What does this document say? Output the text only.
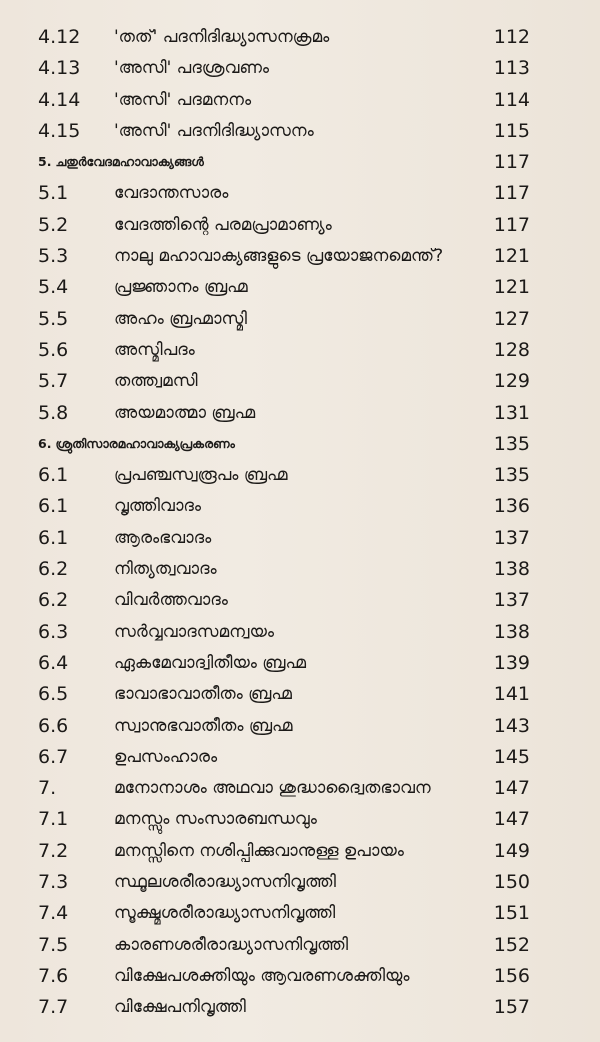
4.12 'തത്' പദനിദിദ്ധ്യാസനക്രമം	112
4.13 'അസി' പദശ്രവണം	113
4.14 'അസി' പദമനനം	114
4.15 'അസി' പദനിദിദ്ധ്യാസനം	115
5. ചതുർവേദമഹാവാക്യങ്ങൾ	117
5.1	വേദാന്തസാരം	117
5.2	വേദത്തിന്റെ പരമപ്രാമാണ്യം	117
5.3	നാലു മഹാവാക്യങ്ങളുടെ പ്രയോജനമെന്ത്?	121
5.4	പ്രജ്ഞാനം ബ്രഹ്മ	121
5.5	അഹം ബ്രഹ്മാസ്മി	127
5.6	അസ്മിപദം	128
5.7	തത്ത്വമസി	129
5.8	അയമാത്മാ ബ്രഹ്മ	131
6. ശ്രുതിസാരമഹാവാക്യപ്രകരണം	135
6.1	പ്രപഞ്ചസ്വരൂപം ബ്രഹ്മ	135
6.1	വൃത്തിവാദം	136
6.1	ആരംഭവാദം	137
6.2	നിത്യത്വവാദം	138
6.2	വിവർത്തവാദം	137
6.3	സർവ്വവാദസമന്വയം	138
6.4	ഏകമേവാദ്വിതീയം ബ്രഹ്മ	139
6.5	ഭാവാഭാവാതീതം ബ്രഹ്മ	141
6.6	സ്വാനുഭവാതീതം ബ്രഹ്മ	143
6.7	ഉപസംഹാരം	145
7.	മനോനാശം അഥവാ ശുദ്ധാദ്വൈതഭാവന	147
7.1	മനസ്സും സംസാരബന്ധവും	147
7.2	മനസ്സിനെ നശിപ്പിക്കുവാനുള്ള ഉപായം	149
7.3	സ്ഥൂലശരീരാദ്ധ്യാസനിവൃത്തി	150
7.4	സൂക്ഷ്മശരീരാദ്ധ്യാസനിവൃത്തി	151
7.5	കാരണശരീരാദ്ധ്യാസനിവൃത്തി	152
7.6	വിക്ഷേപശക്തിയും ആവരണശക്തിയും	156
7.7	വിക്ഷേപനിവൃത്തി	157
